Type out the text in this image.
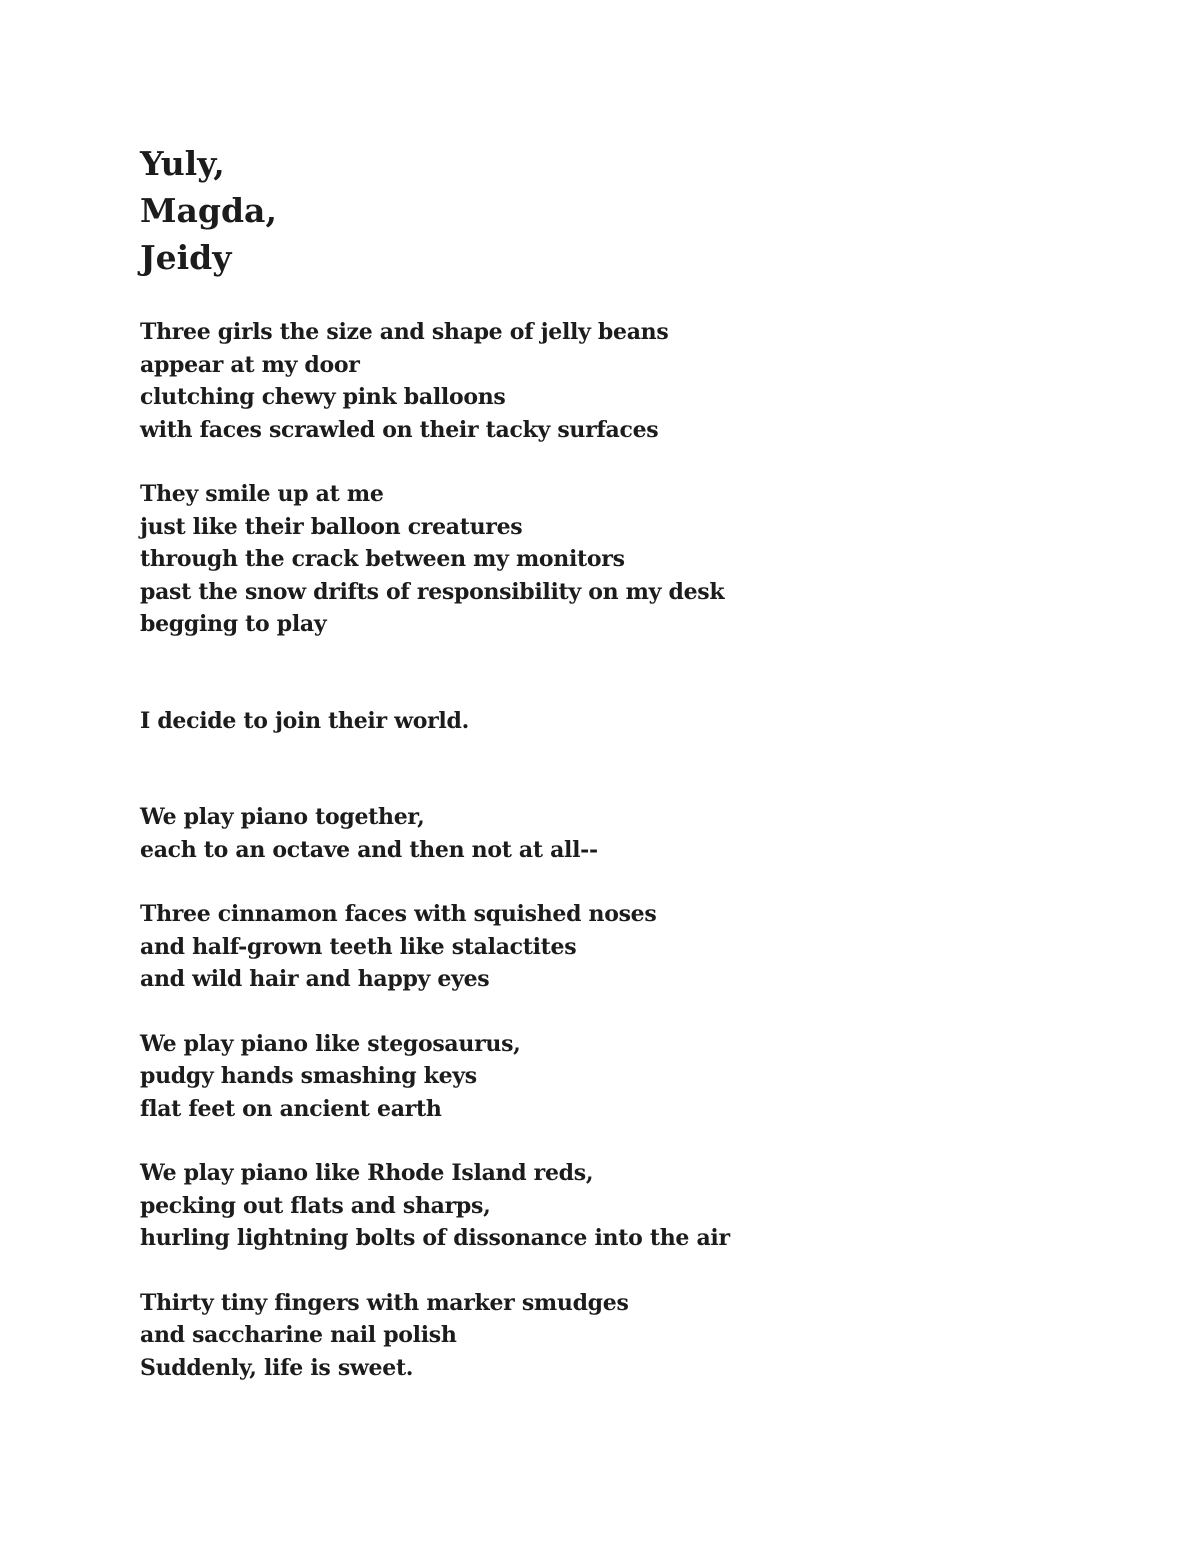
Yuly,
Magda,
Jeidy

Three girls the size and shape of jelly beans
appear at my door
clutching chewy pink balloons
with faces scrawled on their tacky surfaces

They smile up at me
just like their balloon creatures
through the crack between my monitors
past the snow drifts of responsibility on my desk
begging to play

I decide to join their world.

We play piano together,
each to an octave and then not at all--

Three cinnamon faces with squished noses
and half-grown teeth like stalactites
and wild hair and happy eyes

We play piano like stegosaurus,
pudgy hands smashing keys
flat feet on ancient earth

We play piano like Rhode Island reds,
pecking out flats and sharps,
hurling lightning bolts of dissonance into the air

Thirty tiny fingers with marker smudges
and saccharine nail polish
Suddenly, life is sweet.
